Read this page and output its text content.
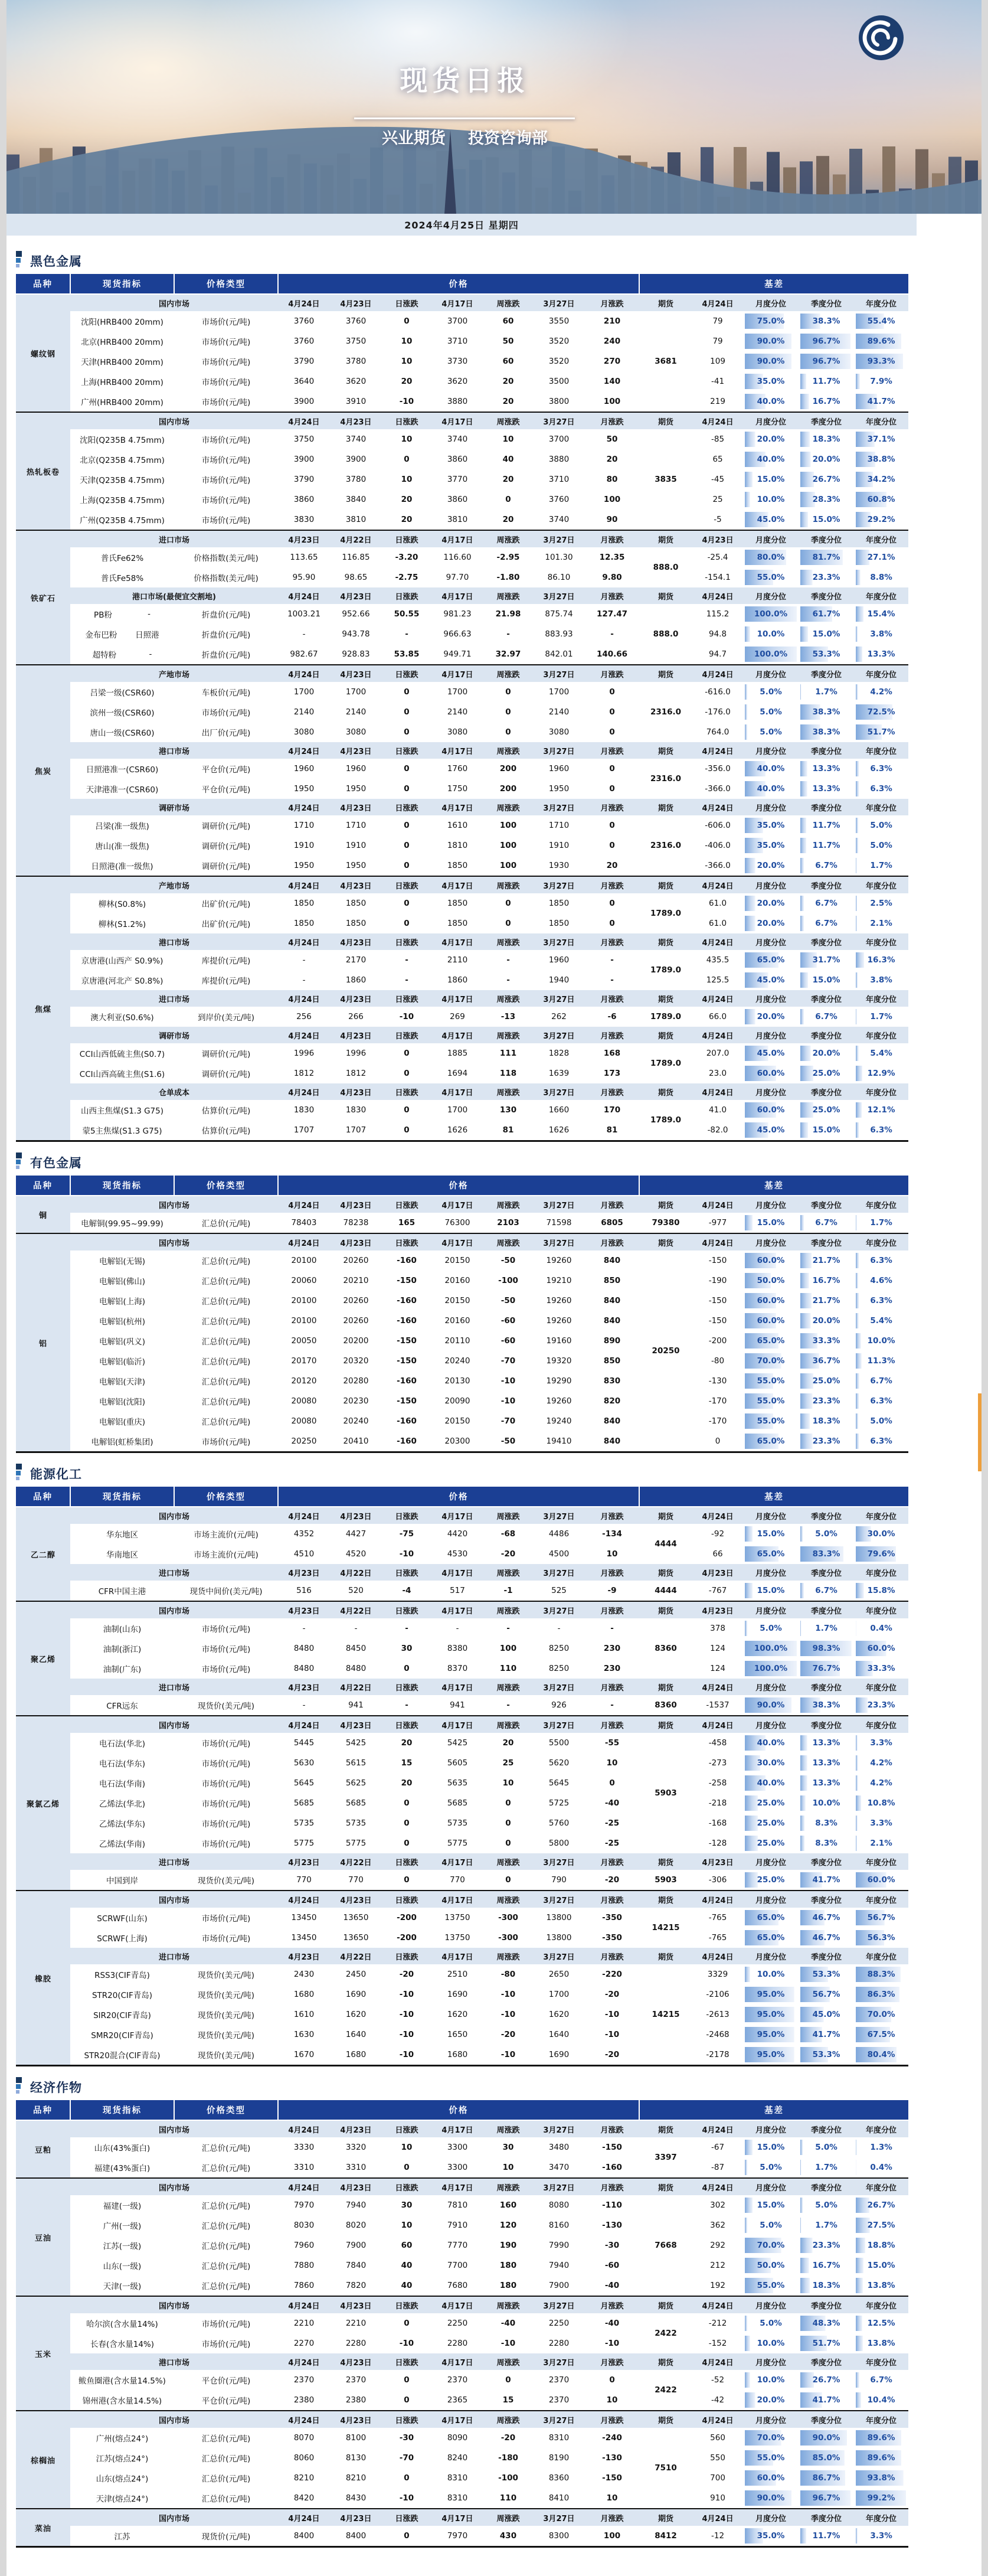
现货日报
兴业期货 投资咨询部
2024年4月25日 星期四
黑色金属
品种	现货指标	价格类型	价格							基差				
螺纹钢	国内市场		4月24日	4月23日	日涨跌	4月17日	周涨跌	3月27日	月涨跌	期货	4月24日	月度分位	季度分位	年度分位
	沈阳(HRB400 20mm)	市场价(元/吨)	3760	3760	0	3700	60	3550	210	3681	79	75.0%	38.3%	55.4%

	北京(HRB400 20mm)	市场价(元/吨)	3760	3750	10	3710	50	3520	240		79	90.0%	96.7%	89.6%

	天津(HRB400 20mm)	市场价(元/吨)	3790	3780	10	3730	60	3520	270		109	90.0%	96.7%	93.3%

	上海(HRB400 20mm)	市场价(元/吨)	3640	3620	20	3620	20	3500	140		-41	35.0%	11.7%	7.9%

	广州(HRB400 20mm)	市场价(元/吨)	3900	3910	-10	3880	20	3800	100		219	40.0%	16.7%	41.7%

热轧板卷	国内市场		4月24日	4月23日	日涨跌	4月17日	周涨跌	3月27日	月涨跌	期货	4月24日	月度分位	季度分位	年度分位
	沈阳(Q235B 4.75mm)	市场价(元/吨)	3750	3740	10	3740	10	3700	50	3835	-85	20.0%	18.3%	37.1%

	北京(Q235B 4.75mm)	市场价(元/吨)	3900	3900	0	3860	40	3880	20		65	40.0%	20.0%	38.8%

	天津(Q235B 4.75mm)	市场价(元/吨)	3790	3780	10	3770	20	3710	80		-45	15.0%	26.7%	34.2%

	上海(Q235B 4.75mm)	市场价(元/吨)	3860	3840	20	3860	0	3760	100		25	10.0%	28.3%	60.8%

	广州(Q235B 4.75mm)	市场价(元/吨)	3830	3810	20	3810	20	3740	90		-5	45.0%	15.0%	29.2%

铁矿石	进口市场		4月23日	4月22日	日涨跌	4月17日	周涨跌	3月27日	月涨跌	期货	4月23日	月度分位	季度分位	年度分位
	普氏Fe62%	价格指数(美元/吨)	113.65	116.85	-3.20	116.60	-2.95	101.30	12.35	888.0	-25.4	80.0%	81.7%	27.1%

	普氏Fe58%	价格指数(美元/吨)	95.90	98.65	-2.75	97.70	-1.80	86.10	9.80		-154.1	55.0%	23.3%	8.8%

	港口市场(最便宜交割地)		4月24日	4月23日	日涨跌	4月17日	周涨跌	3月27日	月涨跌	期货	4月24日	月度分位	季度分位	年度分位

	PB粉 -	折盘价(元/吨)	1003.21	952.66	50.55	981.23	21.98	875.74	127.47	888.0	115.2	100.0%	61.7%	15.4%

	金布巴粉 日照港	折盘价(元/吨)	-	943.78	-	966.63	-	883.93	-		94.8	10.0%	15.0%	3.8%

	超特粉 -	折盘价(元/吨)	982.67	928.83	53.85	949.71	32.97	842.01	140.66		94.7	100.0%	53.3%	13.3%

焦炭	产地市场		4月24日	4月23日	日涨跌	4月17日	周涨跌	3月27日	月涨跌	期货	4月24日	月度分位	季度分位	年度分位
	吕梁一级(CSR60)	车板价(元/吨)	1700	1700	0	1700	0	1700	0	2316.0	-616.0	5.0%	1.7%	4.2%

	滨州一级(CSR60)	市场价(元/吨)	2140	2140	0	2140	0	2140	0		-176.0	5.0%	38.3%	72.5%

	唐山一级(CSR60)	出厂价(元/吨)	3080	3080	0	3080	0	3080	0		764.0	5.0%	38.3%	51.7%

	港口市场		4月24日	4月23日	日涨跌	4月17日	周涨跌	3月27日	月涨跌	期货	4月24日	月度分位	季度分位	年度分位
	日照港准一(CSR60)	平仓价(元/吨)	1960	1960	0	1760	200	1960	0	2316.0	-356.0	40.0%	13.3%	6.3%

	天津港准一(CSR60)	平仓价(元/吨)	1950	1950	0	1750	200	1950	0		-366.0	40.0%	13.3%	6.3%

	调研市场		4月24日	4月23日	日涨跌	4月17日	周涨跌	3月27日	月涨跌	期货	4月24日	月度分位	季度分位	年度分位
	吕梁(准一级焦)	调研价(元/吨)	1710	1710	0	1610	100	1710	0	2316.0	-606.0	35.0%	11.7%	5.0%

	唐山(准一级焦)	调研价(元/吨)	1910	1910	0	1810	100	1910	0		-406.0	35.0%	11.7%	5.0%

	日照港(准一级焦)	调研价(元/吨)	1950	1950	0	1850	100	1930	20		-366.0	20.0%	6.7%	1.7%

焦煤	产地市场		4月24日	4月23日	日涨跌	4月17日	周涨跌	3月27日	月涨跌	期货	4月24日	月度分位	季度分位	年度分位
	柳林(S0.8%)	出矿价(元/吨)	1850	1850	0	1850	0	1850	0	1789.0	61.0	20.0%	6.7%	2.5%

	柳林(S1.2%)	出矿价(元/吨)	1850	1850	0	1850	0	1850	0		61.0	20.0%	6.7%	2.1%

	港口市场		4月24日	4月23日	日涨跌	4月17日	周涨跌	3月27日	月涨跌	期货	4月24日	月度分位	季度分位	年度分位
	京唐港(山西产 S0.9%)	库提价(元/吨)	-	2170	-	2110	-	1960	-	1789.0	435.5	65.0%	31.7%	16.3%

	京唐港(河北产 S0.8%)	库提价(元/吨)	-	1860	-	1860	-	1940	-		125.5	45.0%	15.0%	3.8%

	进口市场		4月24日	4月23日	日涨跌	4月17日	周涨跌	3月27日	月涨跌	期货	4月24日	月度分位	季度分位	年度分位
	澳大利亚(S0.6%)	到岸价(美元/吨)	256	266	-10	269	-13	262	-6	1789.0	66.0	20.0%	6.7%	1.7%

	调研市场		4月24日	4月23日	日涨跌	4月17日	周涨跌	3月27日	月涨跌	期货	4月24日	月度分位	季度分位	年度分位
	CCI山西低硫主焦(S0.7)	调研价(元/吨)	1996	1996	0	1885	111	1828	168	1789.0	207.0	45.0%	20.0%	5.4%

	CCI山西高硫主焦(S1.6)	调研价(元/吨)	1812	1812	0	1694	118	1639	173		23.0	60.0%	25.0%	12.9%

	仓单成本		4月24日	4月23日	日涨跌	4月17日	周涨跌	3月27日	月涨跌	期货	4月24日	月度分位	季度分位	年度分位
	山西主焦煤(S1.3 G75)	估算价(元/吨)	1830	1830	0	1700	130	1660	170	1789.0	41.0	60.0%	25.0%	12.1%

	蒙5主焦煤(S1.3 G75)	估算价(元/吨)	1707	1707	0	1626	81	1626	81		-82.0	45.0%	15.0%	6.3%
有色金属
品种	现货指标	价格类型	价格							基差				
铜	国内市场		4月24日	4月23日	日涨跌	4月17日	周涨跌	3月27日	月涨跌	期货	4月24日	月度分位	季度分位	年度分位
	电解铜(99.95~99.99)	汇总价(元/吨)	78403	78238	165	76300	2103	71598	6805	79380	-977	15.0%	6.7%	1.7%

铝	国内市场		4月24日	4月23日	日涨跌	4月17日	周涨跌	3月27日	月涨跌	期货	4月24日	月度分位	季度分位	年度分位
	电解铝(无锡)	汇总价(元/吨)	20100	20260	-160	20150	-50	19260	840	20250	-150	60.0%	21.7%	6.3%

	电解铝(佛山)	汇总价(元/吨)	20060	20210	-150	20160	-100	19210	850		-190	50.0%	16.7%	4.6%

	电解铝(上海)	汇总价(元/吨)	20100	20260	-160	20150	-50	19260	840		-150	60.0%	21.7%	6.3%

	电解铝(杭州)	汇总价(元/吨)	20100	20260	-160	20160	-60	19260	840		-150	60.0%	20.0%	5.4%

	电解铝(巩义)	汇总价(元/吨)	20050	20200	-150	20110	-60	19160	890		-200	65.0%	33.3%	10.0%

	电解铝(临沂)	汇总价(元/吨)	20170	20320	-150	20240	-70	19320	850		-80	70.0%	36.7%	11.3%

	电解铝(天津)	汇总价(元/吨)	20120	20280	-160	20130	-10	19290	830		-130	55.0%	25.0%	6.7%

	电解铝(沈阳)	汇总价(元/吨)	20080	20230	-150	20090	-10	19260	820		-170	55.0%	23.3%	6.3%

	电解铝(重庆)	汇总价(元/吨)	20080	20240	-160	20150	-70	19240	840		-170	55.0%	18.3%	5.0%

	电解铝(虹桥集团)	市场价(元/吨)	20250	20410	-160	20300	-50	19410	840		0	65.0%	23.3%	6.3%
能源化工
品种	现货指标	价格类型	价格							基差				
乙二醇	国内市场		4月24日	4月23日	日涨跌	4月17日	周涨跌	3月27日	月涨跌	期货	4月24日	月度分位	季度分位	年度分位
	华东地区	市场主流价(元/吨)	4352	4427	-75	4420	-68	4486	-134	4444	-92	15.0%	5.0%	30.0%

	华南地区	市场主流价(元/吨)	4510	4520	-10	4530	-20	4500	10		66	65.0%	83.3%	79.6%

	进口市场		4月23日	4月22日	日涨跌	4月17日	周涨跌	3月27日	月涨跌	期货	4月23日	月度分位	季度分位	年度分位
	CFR中国主港	现货中间价(美元/吨)	516	520	-4	517	-1	525	-9	4444	-767	15.0%	6.7%	15.8%

聚乙烯	国内市场		4月23日	4月22日	日涨跌	4月17日	周涨跌	3月27日	月涨跌	期货	4月23日	月度分位	季度分位	年度分位
	油制(山东)	市场价(元/吨)	-	-	-	-	-	-	-	8360	378	5.0%	1.7%	0.4%

	油制(浙江)	市场价(元/吨)	8480	8450	30	8380	100	8250	230		124	100.0%	98.3%	60.0%

	油制(广东)	市场价(元/吨)	8480	8480	0	8370	110	8250	230		124	100.0%	76.7%	33.3%

	进口市场		4月23日	4月22日	日涨跌	4月17日	周涨跌	3月27日	月涨跌	期货	4月24日	月度分位	季度分位	年度分位
	CFR远东	现货价(美元/吨)	-	941	-	941	-	926	-	8360	-1537	90.0%	38.3%	23.3%

聚氯乙烯	国内市场		4月24日	4月23日	日涨跌	4月17日	周涨跌	3月27日	月涨跌	期货	4月24日	月度分位	季度分位	年度分位
	电石法(华北)	市场价(元/吨)	5445	5425	20	5425	20	5500	-55	5903	-458	40.0%	13.3%	3.3%

	电石法(华东)	市场价(元/吨)	5630	5615	15	5605	25	5620	10		-273	30.0%	13.3%	4.2%

	电石法(华南)	市场价(元/吨)	5645	5625	20	5635	10	5645	0		-258	40.0%	13.3%	4.2%

	乙烯法(华北)	市场价(元/吨)	5685	5685	0	5685	0	5725	-40		-218	25.0%	10.0%	10.8%

	乙烯法(华东)	市场价(元/吨)	5735	5735	0	5735	0	5760	-25		-168	25.0%	8.3%	3.3%

	乙烯法(华南)	市场价(元/吨)	5775	5775	0	5775	0	5800	-25		-128	25.0%	8.3%	2.1%

	进口市场		4月23日	4月22日	日涨跌	4月17日	周涨跌	3月27日	月涨跌	期货	4月23日	月度分位	季度分位	年度分位
	中国到岸	现货价(美元/吨)	770	770	0	770	0	790	-20	5903	-306	25.0%	41.7%	60.0%

橡胶	国内市场		4月24日	4月23日	日涨跌	4月17日	周涨跌	3月27日	月涨跌	期货	4月24日	月度分位	季度分位	年度分位
	SCRWF(山东)	市场价(元/吨)	13450	13650	-200	13750	-300	13800	-350	14215	-765	65.0%	46.7%	56.7%

	SCRWF(上海)	市场价(元/吨)	13450	13650	-200	13750	-300	13800	-350		-765	65.0%	46.7%	56.3%

	进口市场		4月23日	4月22日	日涨跌	4月17日	周涨跌	3月27日	月涨跌	期货	4月24日	月度分位	季度分位	年度分位
	RSS3(CIF青岛)	现货价(美元/吨)	2430	2450	-20	2510	-80	2650	-220	14215	3329	10.0%	53.3%	88.3%

	STR20(CIF青岛)	现货价(美元/吨)	1680	1690	-10	1690	-10	1700	-20		-2106	95.0%	56.7%	86.3%

	SIR20(CIF青岛)	现货价(美元/吨)	1610	1620	-10	1620	-10	1620	-10		-2613	95.0%	45.0%	70.0%

	SMR20(CIF青岛)	现货价(美元/吨)	1630	1640	-10	1650	-20	1640	-10		-2468	95.0%	41.7%	67.5%

	STR20混合(CIF青岛)	现货价(美元/吨)	1670	1680	-10	1680	-10	1690	-20		-2178	95.0%	53.3%	80.4%
经济作物
品种	现货指标	价格类型	价格							基差				
豆粕	国内市场		4月24日	4月23日	日涨跌	4月17日	周涨跌	3月27日	月涨跌	期货	4月24日	月度分位	季度分位	年度分位
	山东(43%蛋白)	汇总价(元/吨)	3330	3320	10	3300	30	3480	-150	3397	-67	15.0%	5.0%	1.3%

	福建(43%蛋白)	汇总价(元/吨)	3310	3310	0	3300	10	3470	-160		-87	5.0%	1.7%	0.4%

豆油	国内市场		4月24日	4月23日	日涨跌	4月17日	周涨跌	3月27日	月涨跌	期货	4月24日	月度分位	季度分位	年度分位
	福建(一级)	汇总价(元/吨)	7970	7940	30	7810	160	8080	-110	7668	302	15.0%	5.0%	26.7%

	广州(一级)	汇总价(元/吨)	8030	8020	10	7910	120	8160	-130		362	5.0%	1.7%	27.5%

	江苏(一级)	汇总价(元/吨)	7960	7900	60	7770	190	7990	-30		292	70.0%	23.3%	18.8%

	山东(一级)	汇总价(元/吨)	7880	7840	40	7700	180	7940	-60		212	50.0%	16.7%	15.0%

	天津(一级)	汇总价(元/吨)	7860	7820	40	7680	180	7900	-40		192	55.0%	18.3%	13.8%

玉米	国内市场		4月24日	4月23日	日涨跌	4月17日	周涨跌	3月27日	月涨跌	期货	4月24日	月度分位	季度分位	年度分位
	哈尔滨(含水量14%)	市场价(元/吨)	2210	2210	0	2250	-40	2250	-40	2422	-212	5.0%	48.3%	12.5%

	长春(含水量14%)	市场价(元/吨)	2270	2280	-10	2280	-10	2280	-10		-152	10.0%	51.7%	13.8%

	港口市场		4月24日	4月23日	日涨跌	4月17日	周涨跌	3月27日	月涨跌	期货	4月24日	月度分位	季度分位	年度分位
	鲅鱼圈港(含水量14.5%)	平仓价(元/吨)	2370	2370	0	2370	0	2370	0	2422	-52	10.0%	26.7%	6.7%

	锦州港(含水量14.5%)	平仓价(元/吨)	2380	2380	0	2365	15	2370	10		-42	20.0%	41.7%	10.4%

棕榈油	国内市场		4月24日	4月23日	日涨跌	4月17日	周涨跌	3月27日	月涨跌	期货	4月24日	月度分位	季度分位	年度分位
	广州(熔点24°)	汇总价(元/吨)	8070	8100	-30	8090	-20	8310	-240	7510	560	70.0%	90.0%	89.6%

	江苏(熔点24°)	汇总价(元/吨)	8060	8130	-70	8240	-180	8190	-130		550	55.0%	85.0%	89.6%

	山东(熔点24°)	汇总价(元/吨)	8210	8210	0	8310	-100	8360	-150		700	60.0%	86.7%	93.8%

	天津(熔点24°)	汇总价(元/吨)	8420	8430	-10	8310	110	8410	10		910	90.0%	96.7%	99.2%

菜油	国内市场		4月24日	4月23日	日涨跌	4月17日	周涨跌	3月27日	月涨跌	期货	4月24日	月度分位	季度分位	年度分位
	江苏	现货价(元/吨)	8400	8400	0	7970	430	8300	100	8412	-12	35.0%	11.7%	3.3%
